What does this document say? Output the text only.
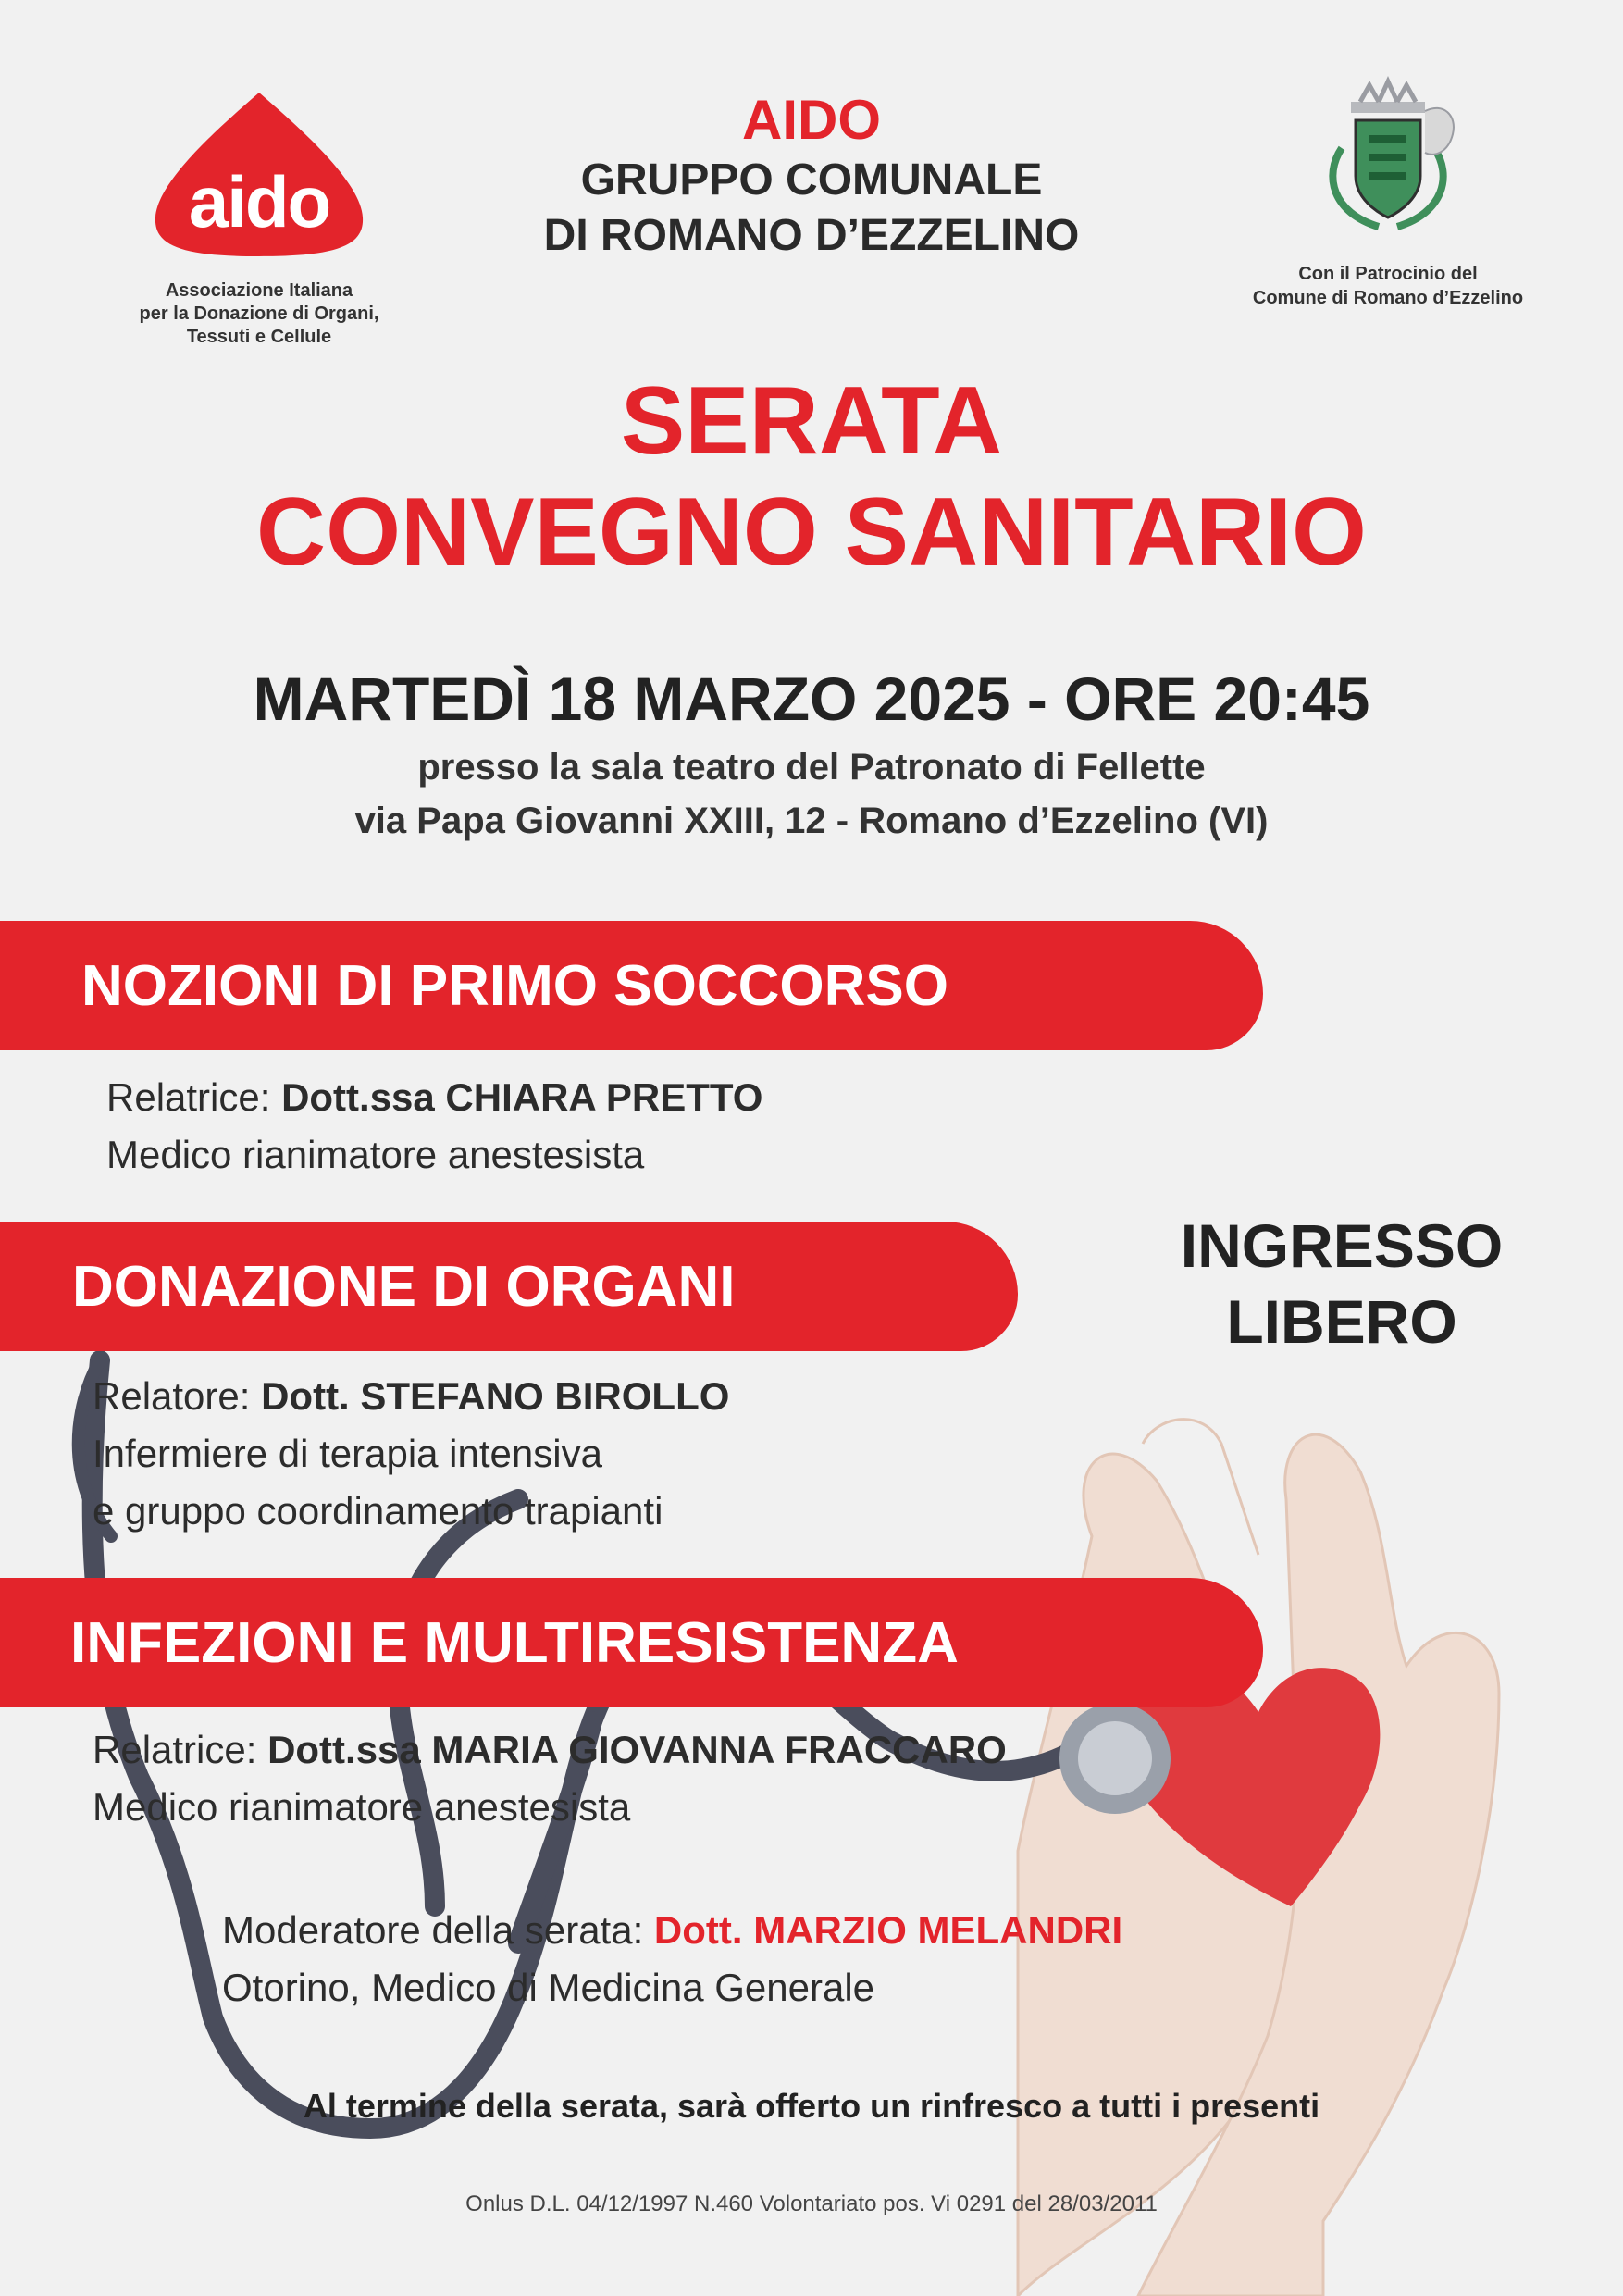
aido
Associazione Italiana
per la Donazione di Organi,
Tessuti e Cellule
AIDO
GRUPPO COMUNALE
DI ROMANO D’EZZELINO
Con il Patrocinio del
Comune di Romano d’Ezzelino
SERATA
CONVEGNO SANITARIO
MARTEDÌ 18 MARZO 2025 - ORE 20:45
presso la sala teatro del Patronato di Fellette
via Papa Giovanni XXIII, 12 - Romano d’Ezzelino (VI)
NOZIONI DI PRIMO SOCCORSO
Relatrice: Dott.ssa CHIARA PRETTO
Medico rianimatore anestesista
DONAZIONE DI ORGANI
Relatore: Dott. STEFANO BIROLLO
Infermiere di terapia intensiva
e gruppo coordinamento trapianti
INGRESSO
LIBERO
INFEZIONI E MULTIRESISTENZA
Relatrice: Dott.ssa MARIA GIOVANNA FRACCARO
Medico rianimatore anestesista
Moderatore della serata: Dott. MARZIO MELANDRI
Otorino, Medico di Medicina Generale
Al termine della serata, sarà offerto un rinfresco a tutti i presenti
Onlus D.L. 04/12/1997 N.460 Volontariato pos. Vi 0291 del 28/03/2011
